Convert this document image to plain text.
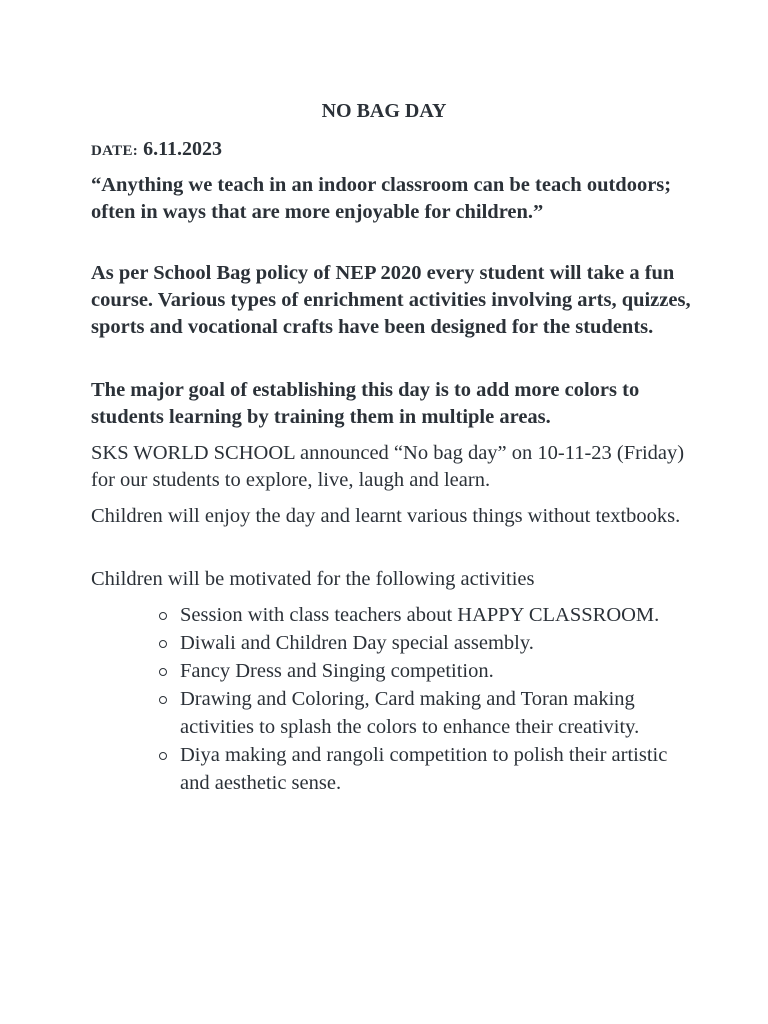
NO BAG DAY
DATE: 6.11.2023

“Anything we teach in an indoor classroom can be teach outdoors; often in ways that are more enjoyable for children.”

As per School Bag policy of NEP 2020 every student will take a fun course. Various types of enrichment activities involving arts, quizzes, sports and vocational crafts have been designed for the students.

The major goal of establishing this day is to add more colors to students learning by training them in multiple areas.

SKS WORLD SCHOOL announced “No bag day” on 10-11-23 (Friday) for our students to explore, live, laugh and learn.

Children will enjoy the day and learnt various things without textbooks.

Children will be motivated for the following activities

Session with class teachers about HAPPY CLASSROOM.
Diwali and Children Day special assembly.
Fancy Dress and Singing competition.
Drawing and Coloring, Card making and Toran making activities to splash the colors to enhance their creativity.
Diya making and rangoli competition to polish their artistic and aesthetic sense.
